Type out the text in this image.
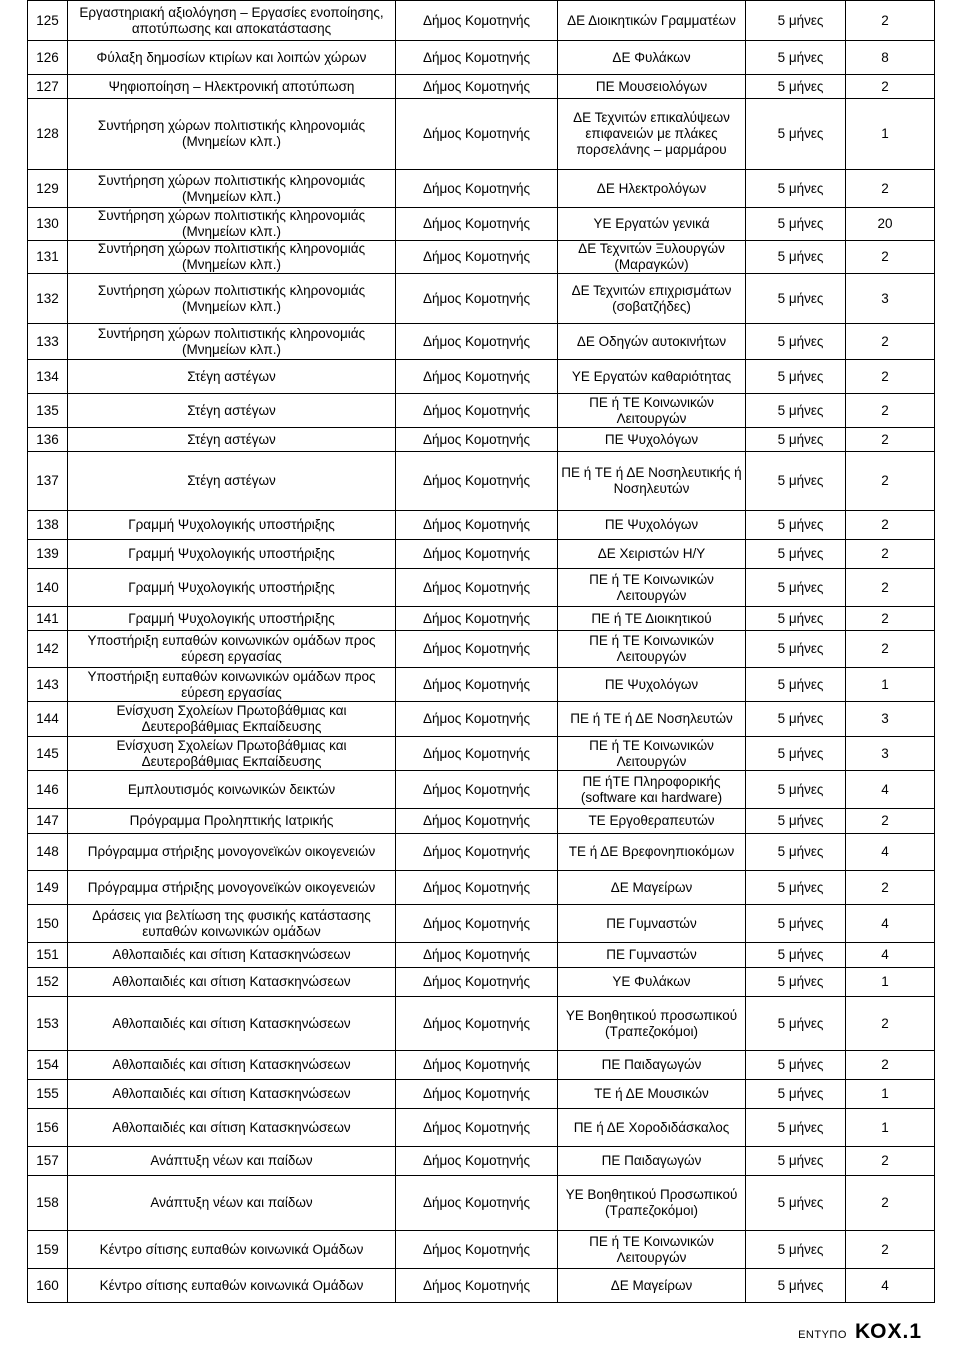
125	Εργαστηριακή αξιολόγηση – Εργασίες ενοποίησης, αποτύπωσης και αποκατάστασης	Δήμος Κομοτηνής	ΔΕ Διοικητικών Γραμματέων	5 μήνες	2
126	Φύλαξη δημοσίων κτιρίων και λοιπών χώρων	Δήμος Κομοτηνής	ΔΕ Φυλάκων	5 μήνες	8
127	Ψηφιοποίηση – Ηλεκτρονική αποτύπωση	Δήμος Κομοτηνής	ΠΕ Μουσειολόγων	5 μήνες	2
128	Συντήρηση χώρων πολιτιστικής κληρονομιάς (Μνημείων κλπ.)	Δήμος Κομοτηνής	ΔΕ Τεχνιτών επικαλύψεων επιφανειών με πλάκες πορσελάνης – μαρμάρου	5 μήνες	1
129	Συντήρηση χώρων πολιτιστικής κληρονομιάς (Μνημείων κλπ.)	Δήμος Κομοτηνής	ΔΕ Ηλεκτρολόγων	5 μήνες	2
130	Συντήρηση χώρων πολιτιστικής κληρονομιάς (Μνημείων κλπ.)	Δήμος Κομοτηνής	ΥΕ Εργατών γενικά	5 μήνες	20
131	Συντήρηση χώρων πολιτιστικής κληρονομιάς (Μνημείων κλπ.)	Δήμος Κομοτηνής	ΔΕ Τεχνιτών Ξυλουργών (Μαραγκών)	5 μήνες	2
132	Συντήρηση χώρων πολιτιστικής κληρονομιάς (Μνημείων κλπ.)	Δήμος Κομοτηνής	ΔΕ Τεχνιτών επιχρισμάτων (σοβατζήδες)	5 μήνες	3
133	Συντήρηση χώρων πολιτιστικής κληρονομιάς (Μνημείων κλπ.)	Δήμος Κομοτηνής	ΔΕ Οδηγών αυτοκινήτων	5 μήνες	2
134	Στέγη αστέγων	Δήμος Κομοτηνής	ΥΕ Εργατών καθαριότητας	5 μήνες	2
135	Στέγη αστέγων	Δήμος Κομοτηνής	ΠΕ ή ΤΕ Κοινωνικών Λειτουργών	5 μήνες	2
136	Στέγη αστέγων	Δήμος Κομοτηνής	ΠΕ Ψυχολόγων	5 μήνες	2
137	Στέγη αστέγων	Δήμος Κομοτηνής	ΠΕ ή ΤΕ ή ΔΕ Νοσηλευτικής ή Νοσηλευτών	5 μήνες	2
138	Γραμμή Ψυχολογικής υποστήριξης	Δήμος Κομοτηνής	ΠΕ Ψυχολόγων	5 μήνες	2
139	Γραμμή Ψυχολογικής υποστήριξης	Δήμος Κομοτηνής	ΔΕ Χειριστών Η/Υ	5 μήνες	2
140	Γραμμή Ψυχολογικής υποστήριξης	Δήμος Κομοτηνής	ΠΕ ή ΤΕ Κοινωνικών Λειτουργών	5 μήνες	2
141	Γραμμή Ψυχολογικής υποστήριξης	Δήμος Κομοτηνής	ΠΕ ή ΤΕ Διοικητικού	5 μήνες	2
142	Υποστήριξη ευπαθών κοινωνικών ομάδων προς εύρεση εργασίας	Δήμος Κομοτηνής	ΠΕ ή ΤΕ Κοινωνικών Λειτουργών	5 μήνες	2
143	Υποστήριξη ευπαθών κοινωνικών ομάδων προς εύρεση εργασίας	Δήμος Κομοτηνής	ΠΕ Ψυχολόγων	5 μήνες	1
144	Ενίσχυση Σχολείων Πρωτοβάθμιας και Δευτεροβάθμιας Εκπαίδευσης	Δήμος Κομοτηνής	ΠΕ ή ΤΕ ή ΔΕ Νοσηλευτών	5 μήνες	3
145	Ενίσχυση Σχολείων Πρωτοβάθμιας και Δευτεροβάθμιας Εκπαίδευσης	Δήμος Κομοτηνής	ΠΕ ή ΤΕ Κοινωνικών Λειτουργών	5 μήνες	3
146	Εμπλουτισμός κοινωνικών δεικτών	Δήμος Κομοτηνής	ΠΕ ήΤΕ Πληροφορικής (software και hardware)	5 μήνες	4
147	Πρόγραμμα Προληπτικής Ιατρικής	Δήμος Κομοτηνής	ΤΕ Εργοθεραπευτών	5 μήνες	2
148	Πρόγραμμα στήριξης μονογονεϊκών οικογενειών	Δήμος Κομοτηνής	ΤΕ ή ΔΕ Βρεφονηπιοκόμων	5 μήνες	4
149	Πρόγραμμα στήριξης μονογονεϊκών οικογενειών	Δήμος Κομοτηνής	ΔΕ Μαγείρων	5 μήνες	2
150	Δράσεις για βελτίωση της φυσικής κατάστασης ευπαθών κοινωνικών ομάδων	Δήμος Κομοτηνής	ΠΕ Γυμναστών	5 μήνες	4
151	Αθλοπαιδιές και σίτιση Κατασκηνώσεων	Δήμος Κομοτηνής	ΠΕ Γυμναστών	5 μήνες	4
152	Αθλοπαιδιές και σίτιση Κατασκηνώσεων	Δήμος Κομοτηνής	ΥΕ Φυλάκων	5 μήνες	1
153	Αθλοπαιδιές και σίτιση Κατασκηνώσεων	Δήμος Κομοτηνής	ΥΕ Βοηθητικού προσωπικού (Τραπεζοκόμοι)	5 μήνες	2
154	Αθλοπαιδιές και σίτιση Κατασκηνώσεων	Δήμος Κομοτηνής	ΠΕ Παιδαγωγών	5 μήνες	2
155	Αθλοπαιδιές και σίτιση Κατασκηνώσεων	Δήμος Κομοτηνής	ΤΕ ή ΔΕ Μουσικών	5 μήνες	1
156	Αθλοπαιδιές και σίτιση Κατασκηνώσεων	Δήμος Κομοτηνής	ΠΕ ή ΔΕ Χοροδιδάσκαλος	5 μήνες	1
157	Ανάπτυξη νέων και παίδων	Δήμος Κομοτηνής	ΠΕ Παιδαγωγών	5 μήνες	2
158	Ανάπτυξη νέων και παίδων	Δήμος Κομοτηνής	ΥΕ Βοηθητικού Προσωπικού (Τραπεζοκόμοι)	5 μήνες	2
159	Κέντρο σίτισης ευπαθών κοινωνικά Ομάδων	Δήμος Κομοτηνής	ΠΕ ή ΤΕ Κοινωνικών Λειτουργών	5 μήνες	2
160	Κέντρο σίτισης ευπαθών κοινωνικά Ομάδων	Δήμος Κομοτηνής	ΔΕ Μαγείρων	5 μήνες	4
ΕΝΤΥΠΟ ΚΟΧ.1
